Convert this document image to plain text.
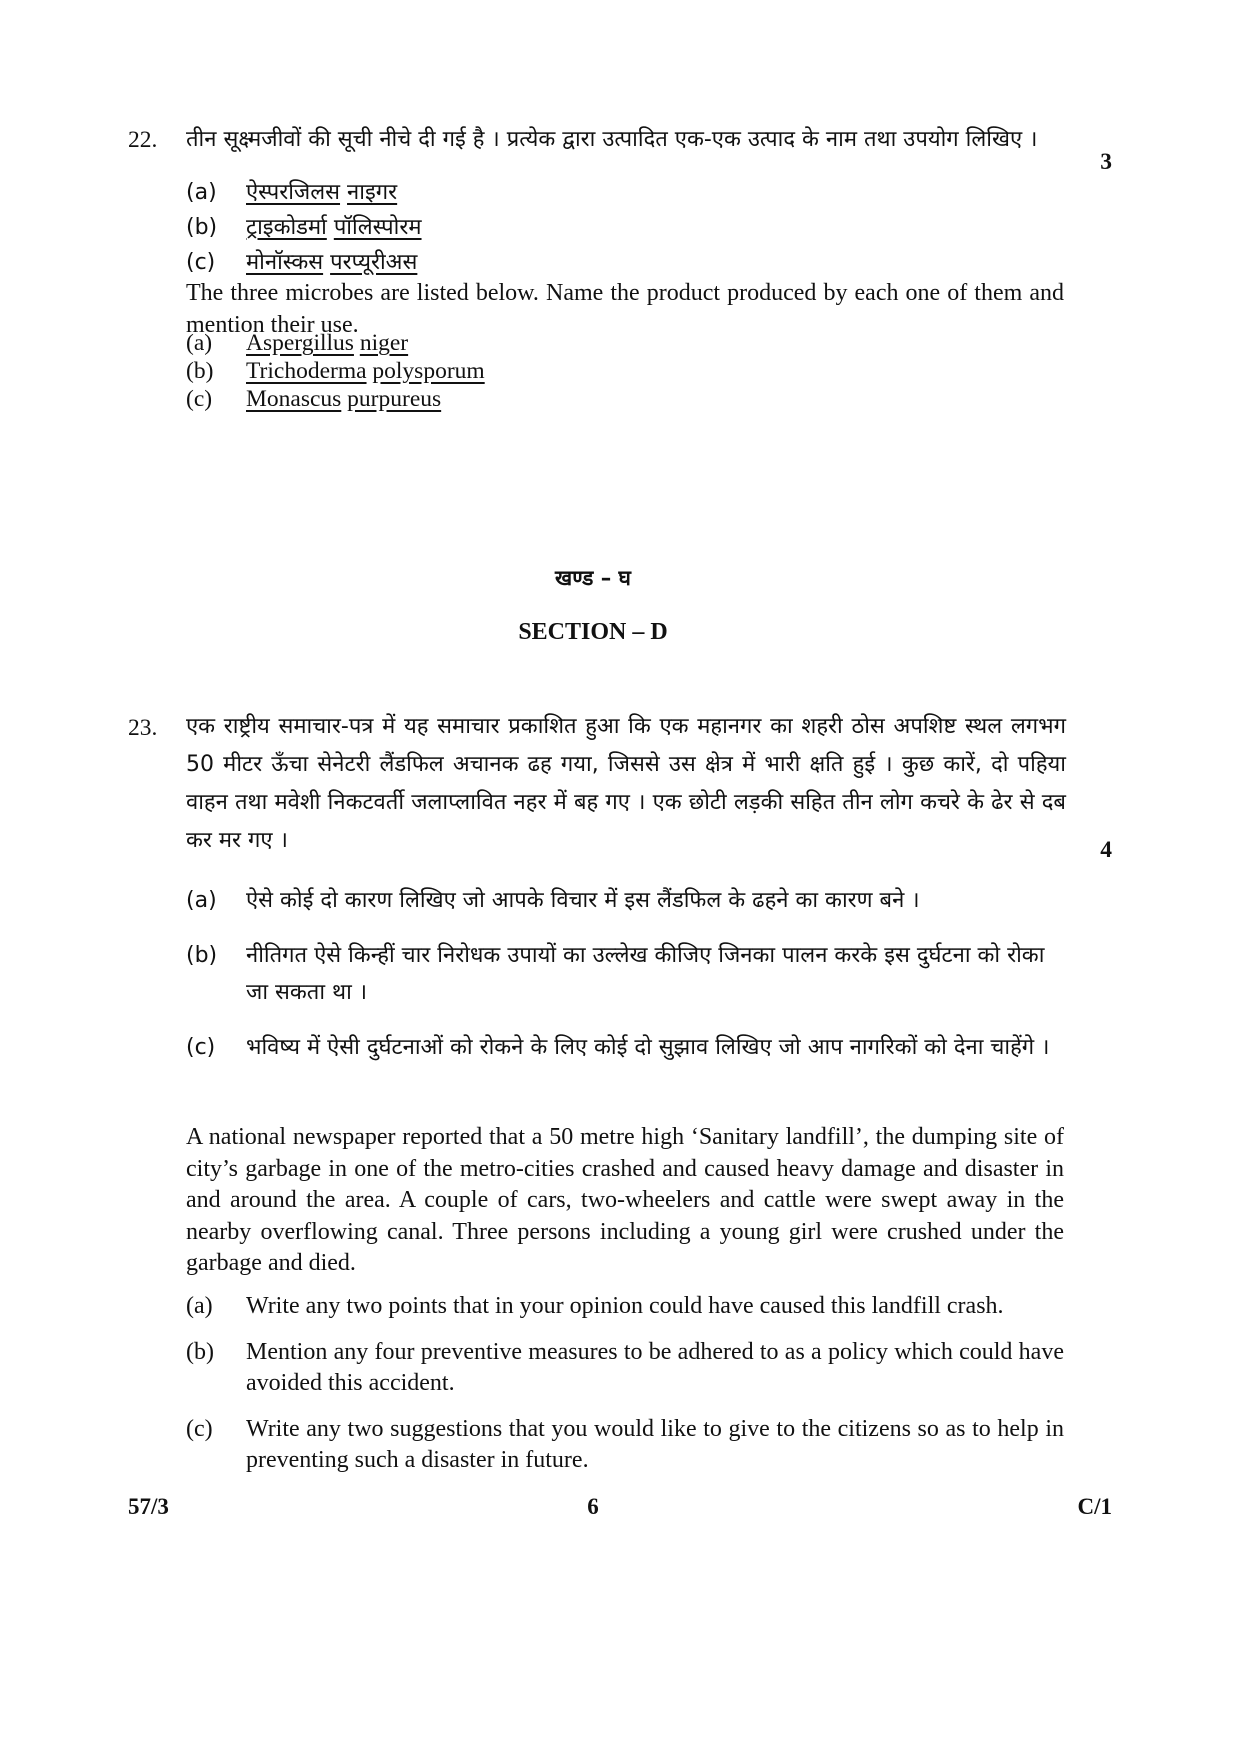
22.	तीन सूक्ष्मजीवों की सूची नीचे दी गई है । प्रत्येक द्वारा उत्पादित एक-एक उत्पाद के नाम तथा उपयोग लिखिए ।
3
(a)	ऐस्परजिलस नाइगर
(b)	ट्राइकोडर्मा पॉलिस्पोरम
(c)	मोनॉस्कस परप्यूरीअस
The three microbes are listed below. Name the product produced by each one of them and mention their use.
(a)	Aspergillus niger
(b)	Trichoderma polysporum
(c)	Monascus purpureus
खण्ड – घ
SECTION – D
23.	एक राष्ट्रीय समाचार-पत्र में यह समाचार प्रकाशित हुआ कि एक महानगर का शहरी ठोस अपशिष्ट स्थल लगभग 50 मीटर ऊँचा सेनेटरी लैंडफिल अचानक ढह गया, जिससे उस क्षेत्र में भारी क्षति हुई । कुछ कारें, दो पहिया वाहन तथा मवेशी निकटवर्ती जलाप्लावित नहर में बह गए । एक छोटी लड़की सहित तीन लोग कचरे के ढेर से दब कर मर गए ।	4
(a)	ऐसे कोई दो कारण लिखिए जो आपके विचार में इस लैंडफिल के ढहने का कारण बने ।
(b)	नीतिगत ऐसे किन्हीं चार निरोधक उपायों का उल्लेख कीजिए जिनका पालन करके इस दुर्घटना को रोका जा सकता था ।
(c)	भविष्य में ऐसी दुर्घटनाओं को रोकने के लिए कोई दो सुझाव लिखिए जो आप नागरिकों को देना चाहेंगे ।
A national newspaper reported that a 50 metre high ‘Sanitary landfill’, the dumping site of city’s garbage in one of the metro-cities crashed and caused heavy damage and disaster in and around the area. A couple of cars, two-wheelers and cattle were swept away in the nearby overflowing canal. Three persons including a young girl were crushed under the garbage and died.
(a)	Write any two points that in your opinion could have caused this landfill crash.
(b)	Mention any four preventive measures to be adhered to as a policy which could have avoided this accident.
(c)	Write any two suggestions that you would like to give to the citizens so as to help in preventing such a disaster in future.
57/3	6	C/1
